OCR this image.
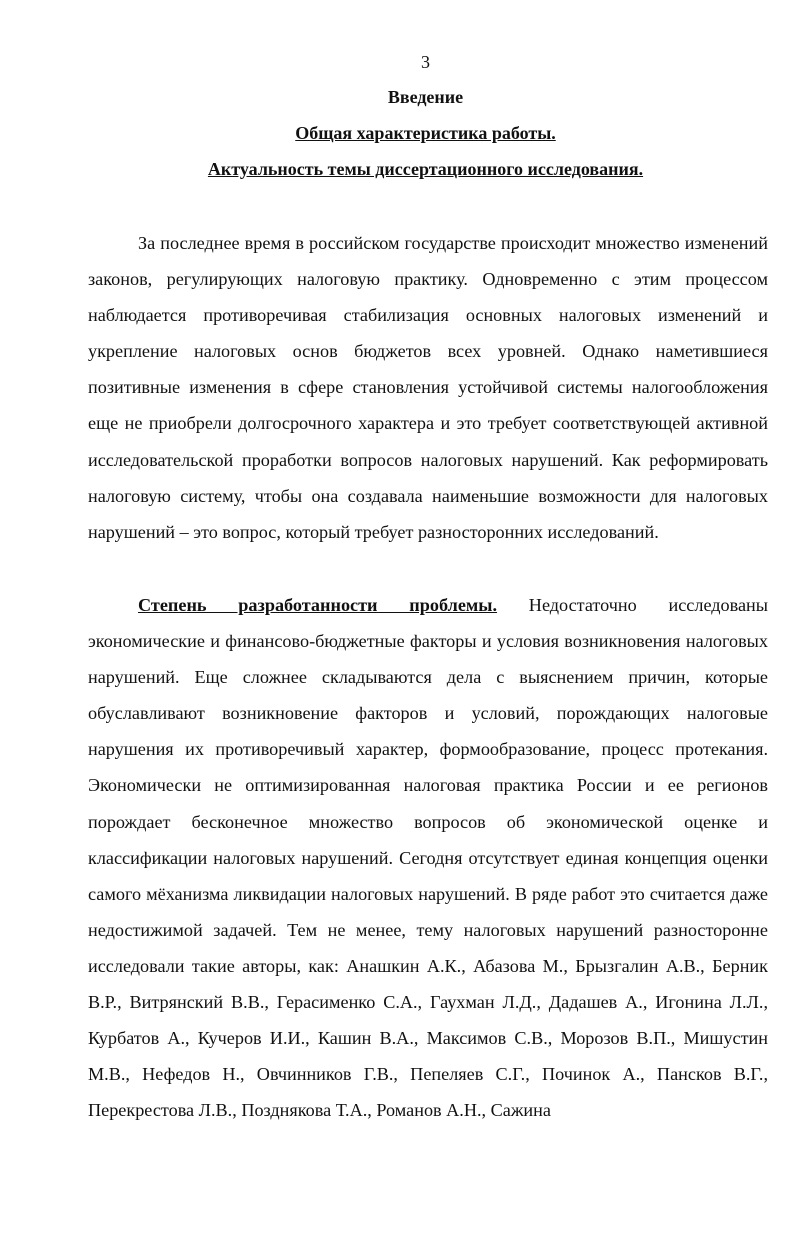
3
Введение
Общая характеристика работы.
Актуальность темы диссертационного исследования.

За последнее время в российском государстве происходит множество изменений законов, регулирующих налоговую практику. Одновременно с этим процессом наблюдается противоречивая стабилизация основных налоговых изменений и укрепление налоговых основ бюджетов всех уровней. Однако наметившиеся позитивные изменения в сфере становления устойчивой системы налогообложения еще не приобрели долгосрочного характера и это требует соответствующей активной исследовательской проработки вопросов налоговых нарушений. Как реформировать налоговую систему, чтобы она создавала наименьшие возможности для налоговых нарушений – это вопрос, который требует разносторонних исследований.

Степень разработанности проблемы. Недостаточно исследованы экономические и финансово-бюджетные факторы и условия возникновения налоговых нарушений. Еще сложнее складываются дела с выяснением причин, которые обуславливают возникновение факторов и условий, порождающих налоговые нарушения их противоречивый характер, формообразование, процесс протекания. Экономически не оптимизированная налоговая практика России и ее регионов порождает бесконечное множество вопросов об экономической оценке и классификации налоговых нарушений. Сегодня отсутствует единая концепция оценки самого мёханизма ликвидации налоговых нарушений. В ряде работ это считается даже недостижимой задачей. Тем не менее, тему налоговых нарушений разносторонне исследовали такие авторы, как: Анашкин А.К., Абазова М., Брызгалин А.В., Берник В.Р., Витрянский В.В., Герасименко С.А., Гаухман Л.Д., Дадашев А., Игонина Л.Л., Курбатов А., Кучеров И.И., Кашин В.А., Максимов С.В., Морозов В.П., Мишустин М.В., Нефедов Н., Овчинников Г.В., Пепеляев С.Г., Починок А., Пансков В.Г., Перекрестова Л.В., Позднякова Т.А., Романов А.Н., Сажина
